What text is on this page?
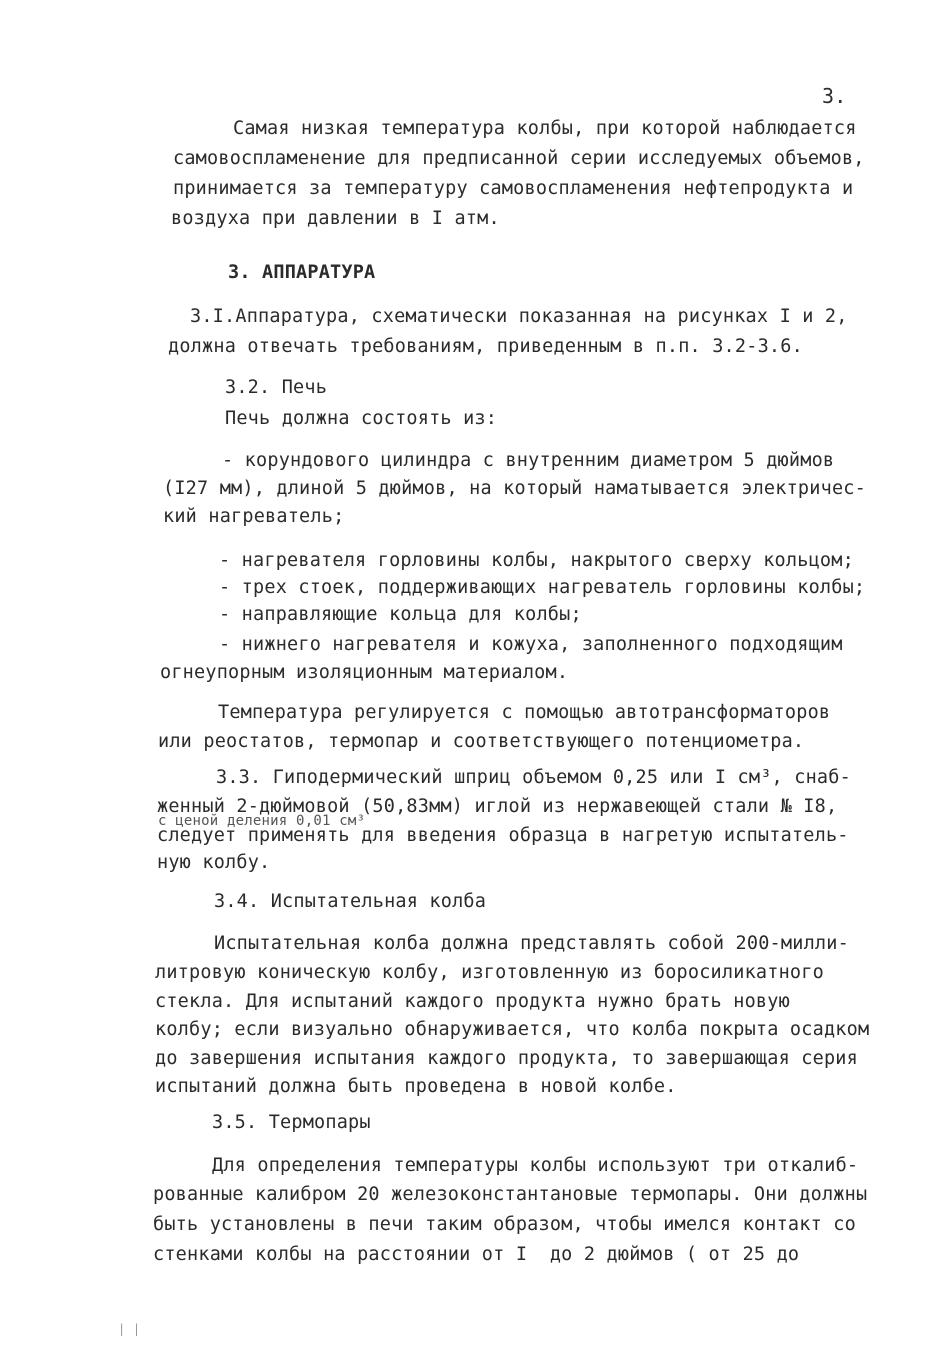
3.
Самая низкая температура колбы, при которой наблюдается
самовоспламенение для предписанной серии исследуемых объемов,
принимается за температуру самовоспламенения нефтепродукта и
воздуха при давлении в I атм.
3. АППАРАТУРА
3.I.Аппаратура, схематически показанная на рисунках I и 2,
должна отвечать требованиям, приведенным в п.п. 3.2-3.6.
3.2. Печь
Печь должна состоять из:
- корундового цилиндра с внутренним диаметром 5 дюймов
(I27 мм), длиной 5 дюймов, на который наматывается электричес-
кий нагреватель;
- нагревателя горловины колбы, накрытого сверху кольцом;
- трех стоек, поддерживающих нагреватель горловины колбы;
- направляющие кольца для колбы;
- нижнего нагревателя и кожуха, заполненного подходящим
огнеупорным изоляционным материалом.
Температура регулируется с помощью автотрансформаторов
или реостатов, термопар и соответствующего потенциометра.
3.3. Гиподермический шприц объемом 0,25 или I см³, снаб-
женный 2-дюймовой (50,83мм) иглой из нержавеющей стали № I8,
с ценой деления 0,01 см³
следует применять для введения образца в нагретую испытатель-
ную колбу.
3.4. Испытательная колба
Испытательная колба должна представлять собой 200-милли-
литровую коническую колбу, изготовленную из боросиликатного
стекла. Для испытаний каждого продукта нужно брать новую
колбу; если визуально обнаруживается, что колба покрыта осадком
до завершения испытания каждого продукта, то завершающая серия
испытаний должна быть проведена в новой колбе.
3.5. Термопары
Для определения температуры колбы используют три откалиб-
рованные калибром 20 железоконстантановые термопары. Они должны
быть установлены в печи таким образом, чтобы имелся контакт со
стенками колбы на расстоянии от I  до 2 дюймов ( от 25 до
| |
